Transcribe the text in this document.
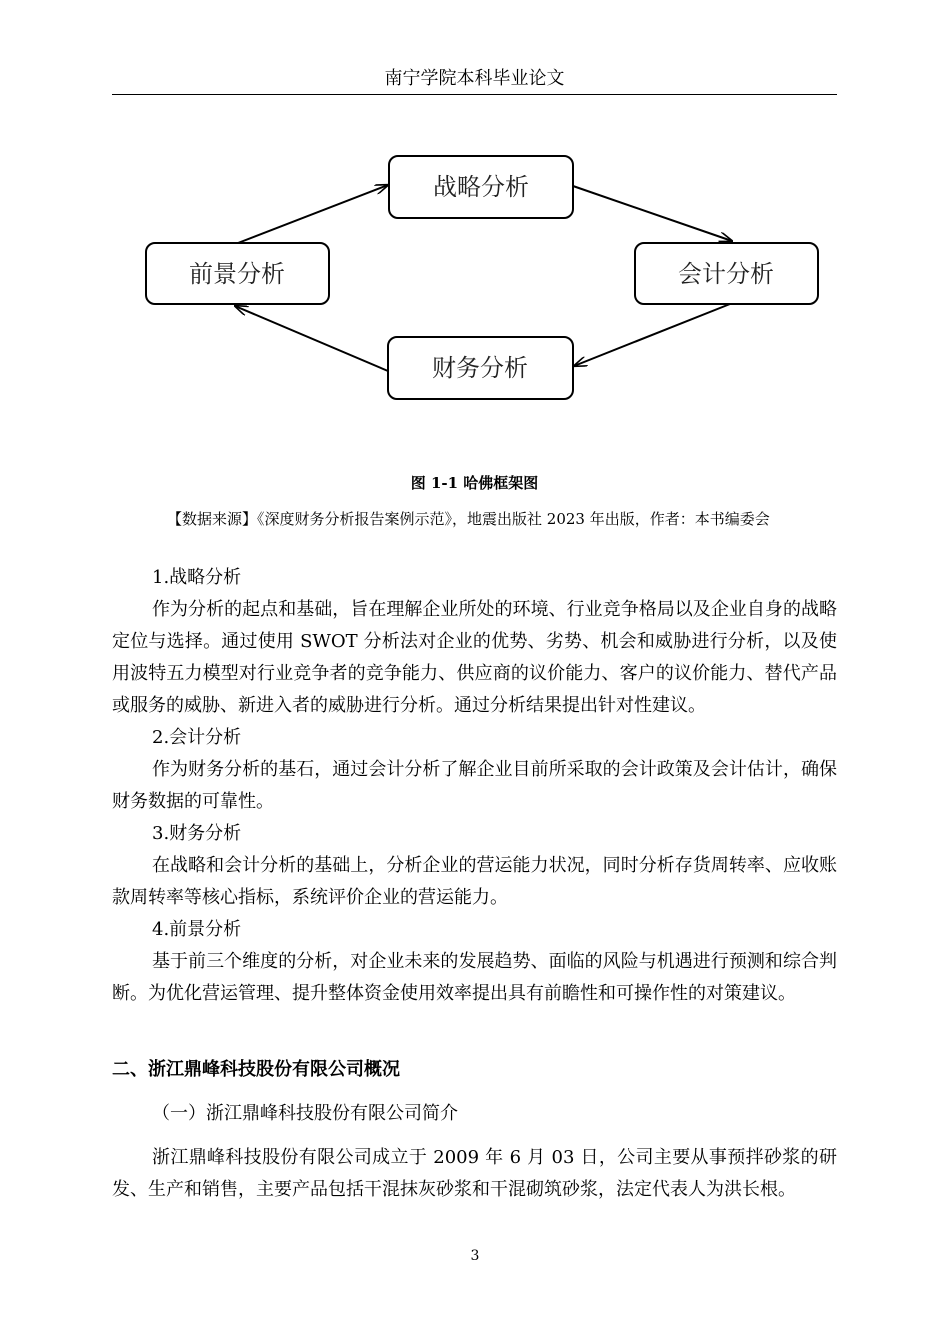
南宁学院本科毕业论文
战略分析
会计分析
财务分析
前景分析
图 1-1 哈佛框架图
【数据来源】《深度财务分析报告案例示范》，地震出版社 2023 年出版，作者：本书编委会
1.战略分析
作为分析的起点和基础，旨在理解企业所处的环境、行业竞争格局以及企业自身的战略定位与选择。通过使用 SWOT 分析法对企业的优势、劣势、机会和威胁进行分析，以及使用波特五力模型对行业竞争者的竞争能力、供应商的议价能力、客户的议价能力、替代产品或服务的威胁、新进入者的威胁进行分析。通过分析结果提出针对性建议。
2.会计分析
作为财务分析的基石，通过会计分析了解企业目前所采取的会计政策及会计估计，确保财务数据的可靠性。
3.财务分析
在战略和会计分析的基础上，分析企业的营运能力状况，同时分析存货周转率、应收账款周转率等核心指标，系统评价企业的营运能力。
4.前景分析
基于前三个维度的分析，对企业未来的发展趋势、面临的风险与机遇进行预测和综合判断。为优化营运管理、提升整体资金使用效率提出具有前瞻性和可操作性的对策建议。
二、浙江鼎峰科技股份有限公司概况
（一）浙江鼎峰科技股份有限公司简介
浙江鼎峰科技股份有限公司成立于 2009 年 6 月 03 日，公司主要从事预拌砂浆的研发、生产和销售，主要产品包括干混抹灰砂浆和干混砌筑砂浆，法定代表人为洪长根。
3
